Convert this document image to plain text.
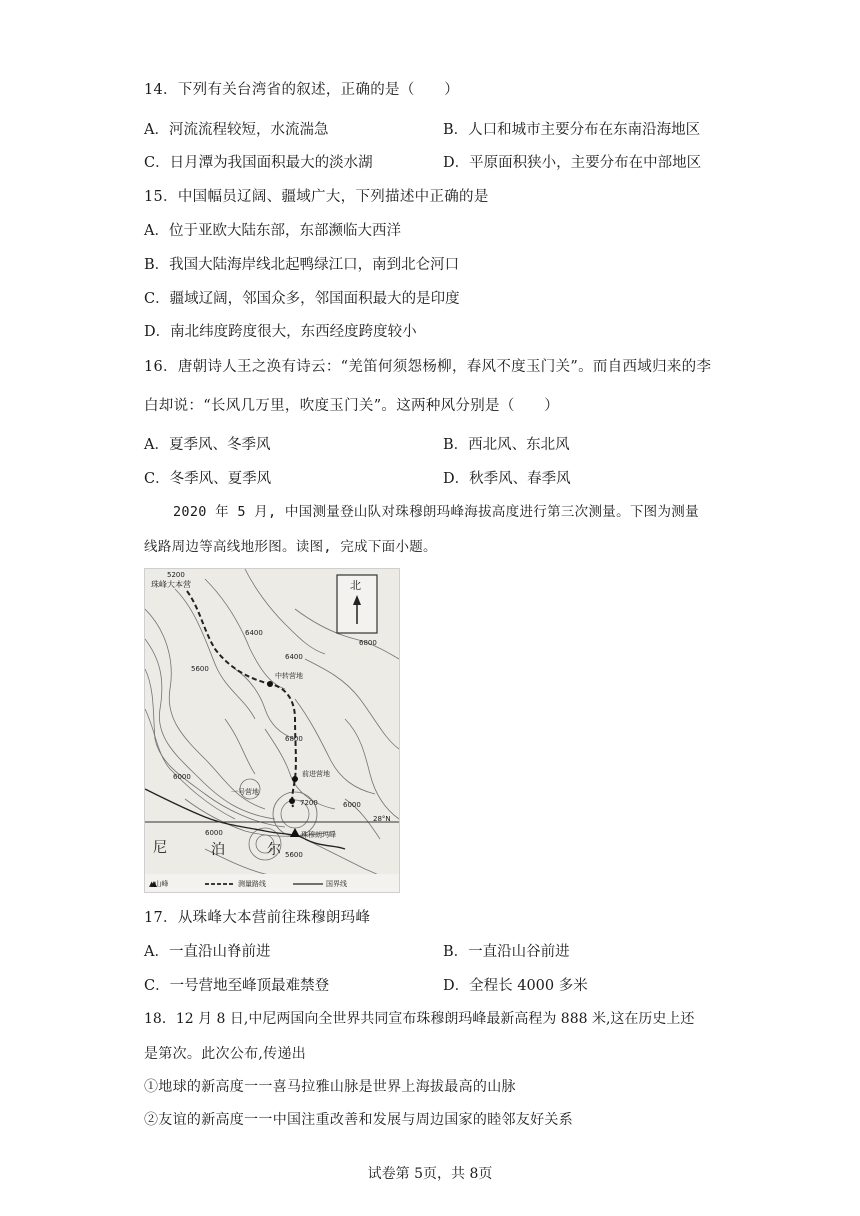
14．下列有关台湾省的叙述，正确的是（　　）
A．河流流程较短，水流湍急	B．人口和城市主要分布在东南沿海地区
C．日月潭为我国面积最大的淡水湖	D．平原面积狭小，主要分布在中部地区
15．中国幅员辽阔、疆域广大，下列描述中正确的是
A．位于亚欧大陆东部，东部濒临大西洋
B．我国大陆海岸线北起鸭绿江口，南到北仑河口
C．疆域辽阔，邻国众多，邻国面积最大的是印度
D．南北纬度跨度很大，东西经度跨度较小
16．唐朝诗人王之涣有诗云：“羌笛何须怨杨柳，春风不度玉门关”。而自西域归来的李
白却说：“长风几万里，吹度玉门关”。这两种风分别是（　　）
A．夏季风、冬季风	B．西北风、东北风
C．冬季风、夏季风	D．秋季风、春季风
2020 年 5 月, 中国测量登山队对珠穆朗玛峰海拔高度进行第三次测量。下图为测量
线路周边等高线地形图。读图, 完成下面小题。
北
珠峰大本营
中转营地
前进营地
一号营地
珠穆朗玛峰
5200
5600
6400
6800
6800
7200
6000
6000
6000
5600
6400
28°N
尼	泊	尔
▲山峰	测量路线	国界线
17．从珠峰大本营前往珠穆朗玛峰
A．一直沿山脊前进	B．一直沿山谷前进
C．一号营地至峰顶最难禁登	D．全程长 4000 多米
18．12 月 8 日,中尼两国向全世界共同宣布珠穆朗玛峰最新高程为 888 米,这在历史上还
是第次。此次公布,传递出
①地球的新高度一一喜马拉雅山脉是世界上海拔最高的山脉
②友谊的新高度一一中国注重改善和发展与周边国家的睦邻友好关系
试卷第 5页，共 8页
